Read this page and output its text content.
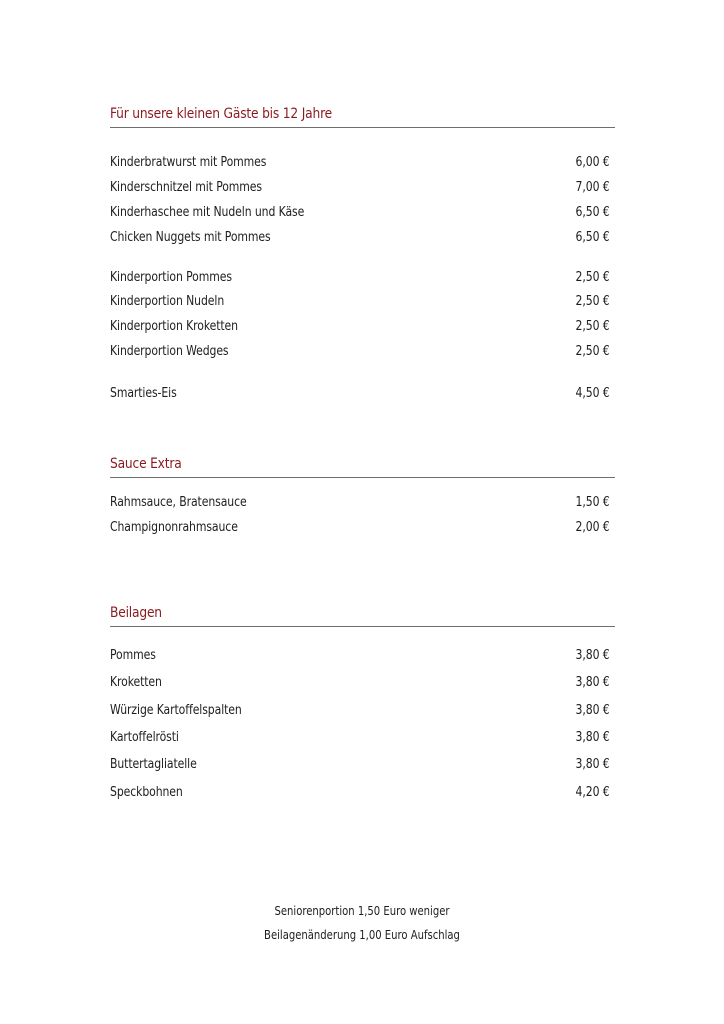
Für unsere kleinen Gäste bis 12 Jahre
Kinderbratwurst mit Pommes	6,00 €
Kinderschnitzel mit Pommes	7,00 €
Kinderhaschee mit Nudeln und Käse	6,50 €
Chicken Nuggets mit Pommes	6,50 €
Kinderportion Pommes	2,50 €
Kinderportion Nudeln	2,50 €
Kinderportion Kroketten	2,50 €
Kinderportion Wedges	2,50 €
Smarties-Eis	4,50 €
Sauce Extra
Rahmsauce, Bratensauce	1,50 €
Champignonrahmsauce	2,00 €
Beilagen
Pommes	3,80 €
Kroketten	3,80 €
Würzige Kartoffelspalten	3,80 €
Kartoffelrösti	3,80 €
Buttertagliatelle	3,80 €
Speckbohnen	4,20 €
Seniorenportion 1,50 Euro weniger
Beilagenänderung 1,00 Euro Aufschlag
